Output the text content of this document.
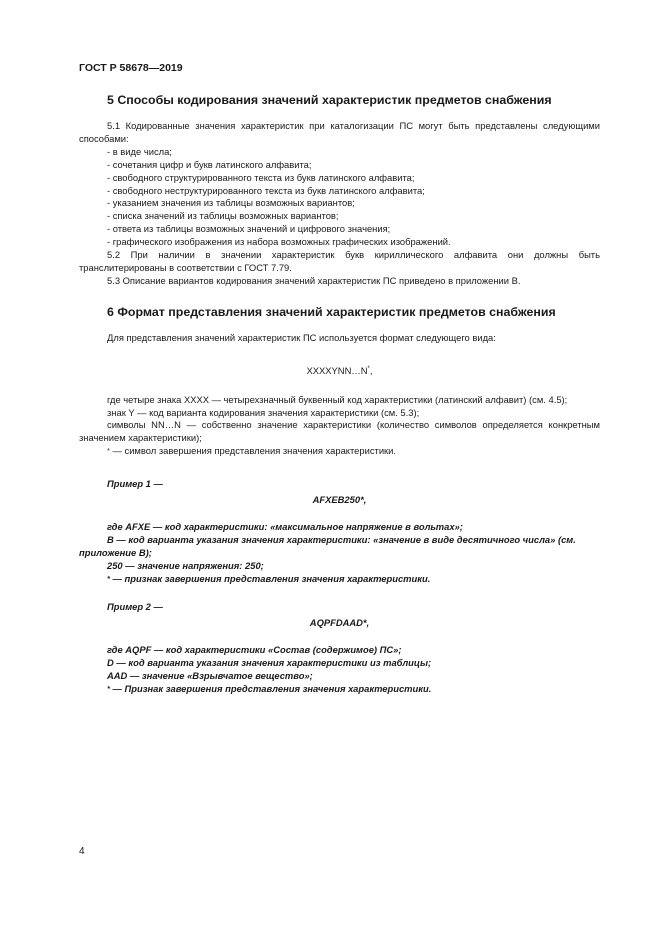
ГОСТ Р 58678—2019

5 Способы кодирования значений характеристик предметов снабжения

5.1 Кодированные значения характеристик при каталогизации ПС могут быть представлены следующими способами:

- в виде числа;

- сочетания цифр и букв латинского алфавита;

- свободного структурированного текста из букв латинского алфавита;

- свободного неструктурированного текста из букв латинского алфавита;

- указанием значения из таблицы возможных вариантов;

- списка значений из таблицы возможных вариантов;

- ответа из таблицы возможных значений и цифрового значения;

- графического изображения из набора возможных графических изображений.

5.2 При наличии в значении характеристик букв кириллического алфавита они должны быть транслитерированы в соответствии с ГОСТ 7.79.

5.3 Описание вариантов кодирования значений характеристик ПС приведено в приложении В.

6 Формат представления значений характеристик предметов снабжения

Для представления значений характеристик ПС используется формат следующего вида:

XXXXYNN…N*,

где четыре знака XXXX — четырехзначный буквенный код характеристики (латинский алфавит) (см. 4.5);

знак Y — код варианта кодирования значения характеристики (см. 5.3);

символы NN…N — собственно значение характеристики (количество символов определяется конкретным значением характеристики);

* — символ завершения представления значения характеристики.

Пример 1 —

AFXEB250*,

где AFXE — код характеристики: «максимальное напряжение в вольтах»;

B — код варианта указания значения характеристики: «значение в виде десятичного числа» (см. приложение В);

250 — значение напряжения: 250;

* — признак завершения представления значения характеристики.

Пример 2 —

AQPFDAAD*,

где AQPF — код характеристики «Состав (содержимое) ПС»;

D — код варианта указания значения характеристики из таблицы;

AAD — значение «Взрывчатое вещество»;

* — Признак завершения представления значения характеристики.

4
